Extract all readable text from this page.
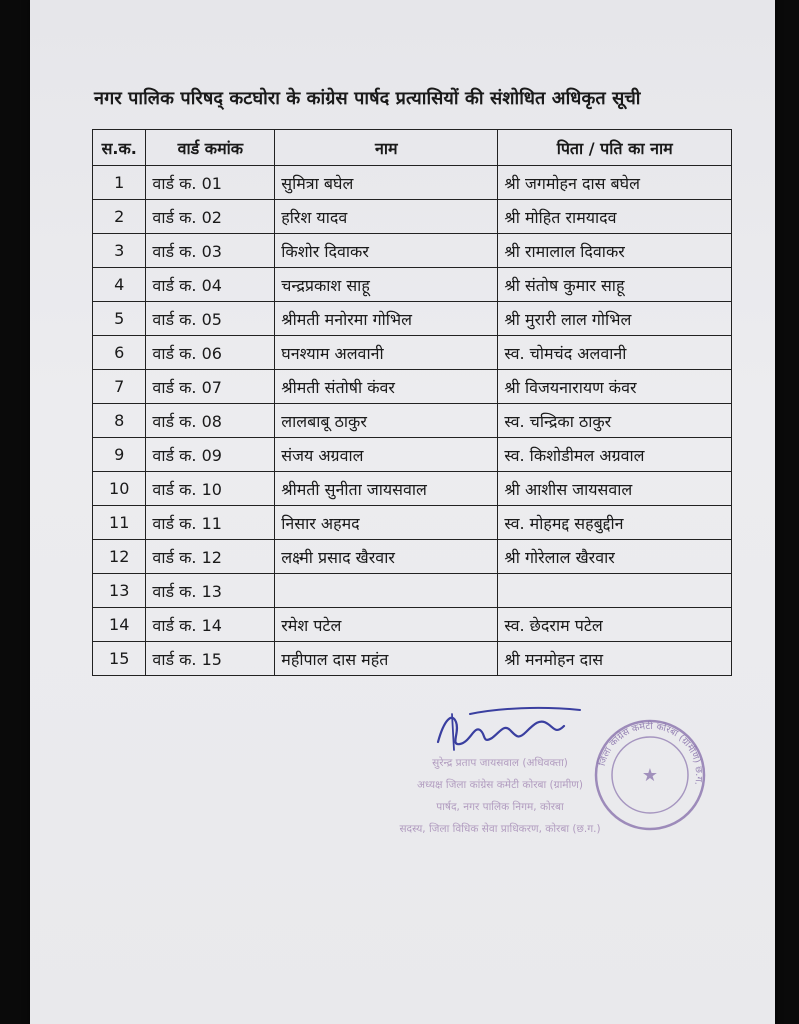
नगर पालिक परिषद् कटघोरा के कांग्रेस पार्षद प्रत्यासियों की संशोधित अधिकृत सूची
स.क.	वार्ड कमांक	नाम	पिता / पति का नाम
1	वार्ड क. 01	सुमित्रा बघेल	श्री जगमोहन दास बघेल
2	वार्ड क. 02	हरिश यादव	श्री मोहित रामयादव
3	वार्ड क. 03	किशोर दिवाकर	श्री रामालाल दिवाकर
4	वार्ड क. 04	चन्द्रप्रकाश साहू	श्री संतोष कुमार साहू
5	वार्ड क. 05	श्रीमती मनोरमा गोभिल	श्री मुरारी लाल गोभिल
6	वार्ड क. 06	घनश्याम अलवानी	स्व. चोमचंद अलवानी
7	वार्ड क. 07	श्रीमती संतोषी कंवर	श्री विजयनारायण कंवर
8	वार्ड क. 08	लालबाबू ठाकुर	स्व. चन्द्रिका ठाकुर
9	वार्ड क. 09	संजय अग्रवाल	स्व. किशोडीमल अग्रवाल
10	वार्ड क. 10	श्रीमती सुनीता जायसवाल	श्री आशीस जायसवाल
11	वार्ड क. 11	निसार अहमद	स्व. मोहमद्द सहबुद्दीन
12	वार्ड क. 12	लक्ष्मी प्रसाद खैरवार	श्री गोरेलाल खैरवार
13	वार्ड क. 13		
14	वार्ड क. 14	रमेश पटेल	स्व. छेदराम पटेल
15	वार्ड क. 15	महीपाल दास महंत	श्री मनमोहन दास
सुरेन्द्र प्रताप जायसवाल (अधिवक्ता)
अध्यक्ष जिला कांग्रेस कमेटी कोरबा (ग्रामीण)
पार्षद, नगर पालिक निगम, कोरबा
सदस्य, जिला विधिक सेवा प्राधिकरण, कोरबा (छ.ग.)
जिला कांग्रेस कमेटी कोरबा (ग्रामीण) छ.ग.
★
